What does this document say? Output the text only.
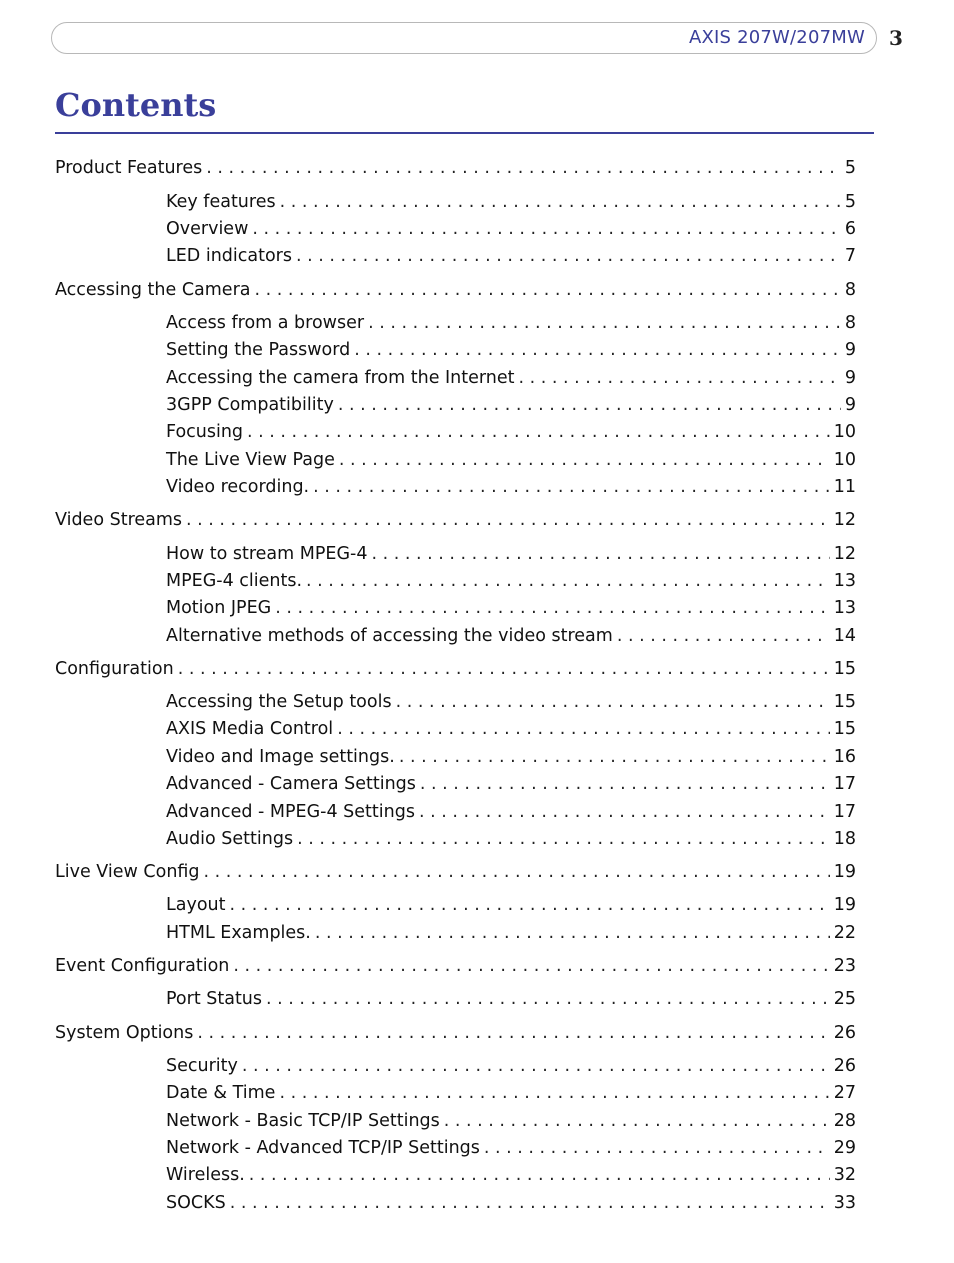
AXIS 207W/207MW 3
Contents
Product Features . . .	5
Key features . . .	5
Overview . . .	6
LED indicators . . .	7
Accessing the Camera . . .	8
Access from a browser . . .	8
Setting the Password . . .	9
Accessing the camera from the Internet . . .	9
3GPP Compatibility . . .	9
Focusing . . .	10
The Live View Page . . .	10
Video recording. . . .	11
Video Streams . . .	12
How to stream MPEG-4 . . .	12
MPEG-4 clients. . . .	13
Motion JPEG . . .	13
Alternative methods of accessing the video stream . . .	14
Configuration . . .	15
Accessing the Setup tools . . .	15
AXIS Media Control . . .	15
Video and Image settings. . . .	16
Advanced - Camera Settings . . .	17
Advanced - MPEG-4 Settings . . .	17
Audio Settings . . .	18
Live View Config . . .	19
Layout . . .	19
HTML Examples. . . .	22
Event Configuration . . .	23
Port Status . . .	25
System Options . . .	26
Security . . .	26
Date & Time . . .	27
Network - Basic TCP/IP Settings . . .	28
Network - Advanced TCP/IP Settings . . .	29
Wireless. . . .	32
SOCKS . . .	33
